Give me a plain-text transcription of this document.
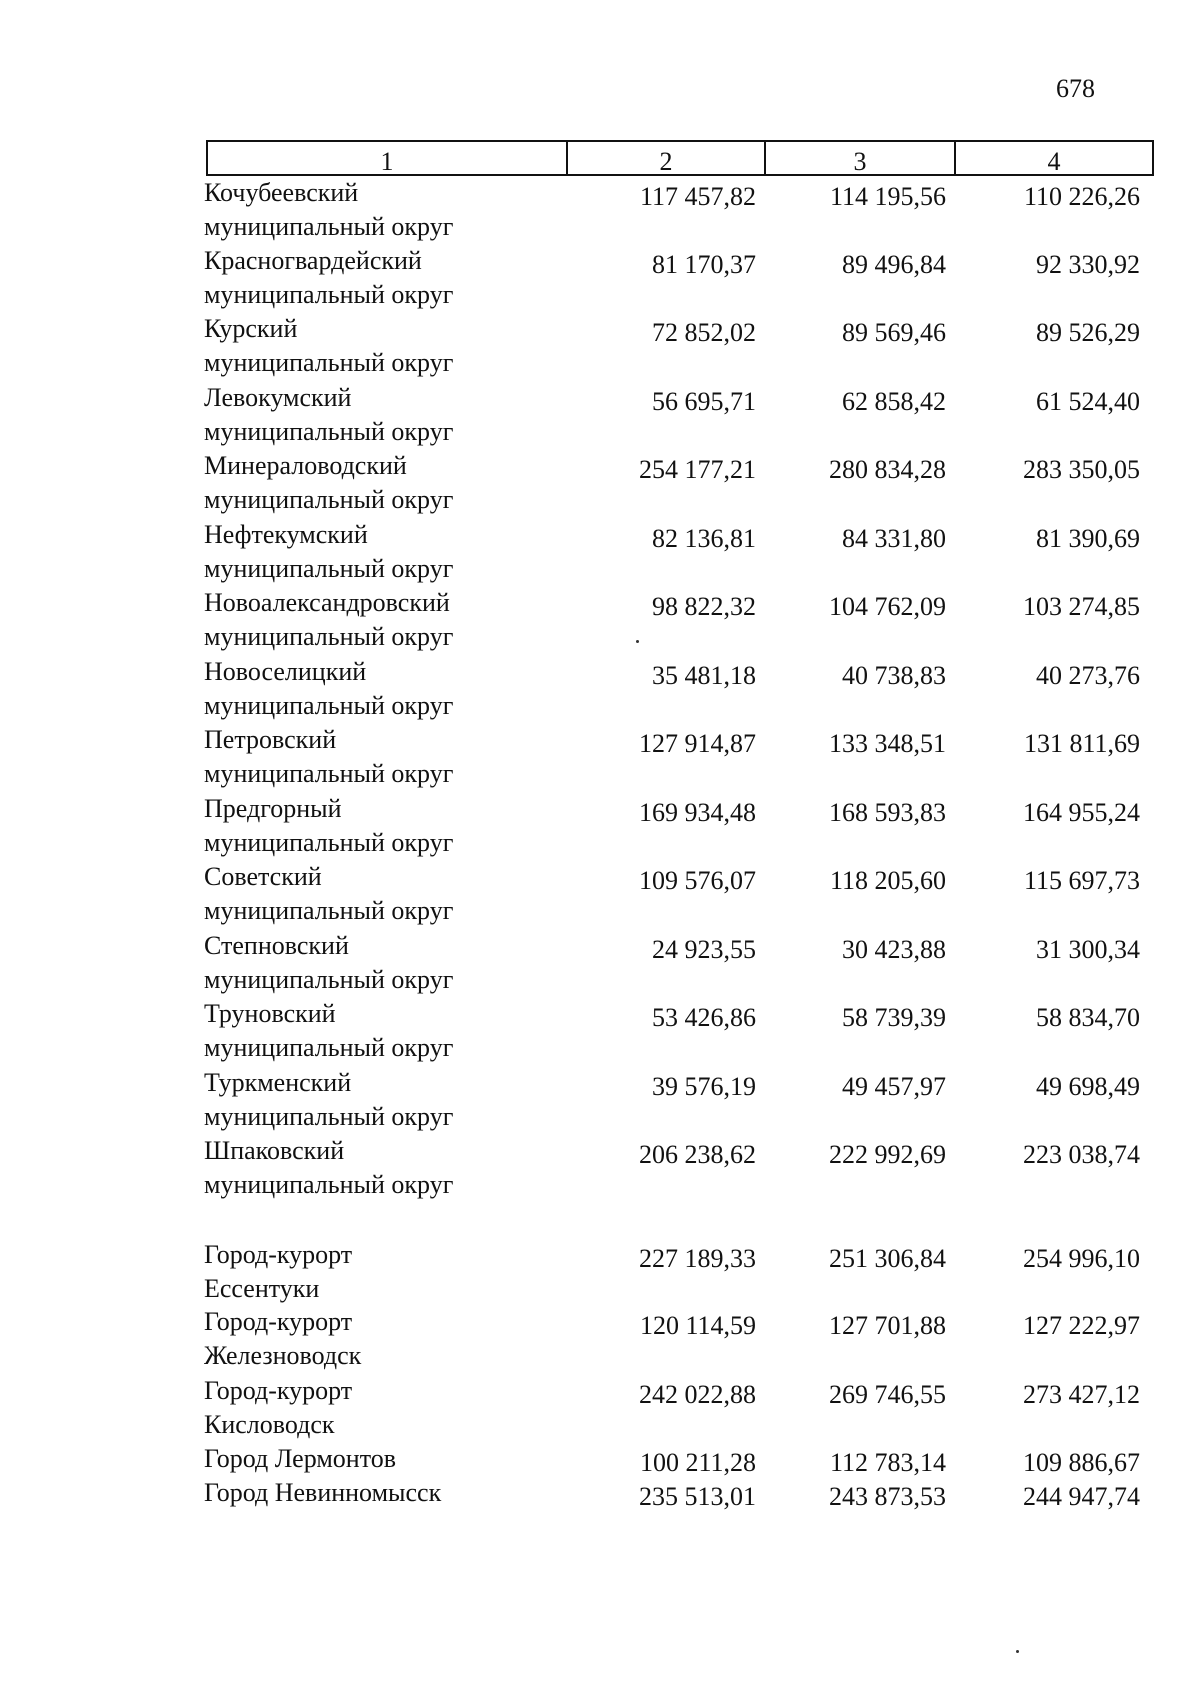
678
1	2	3	4
Кочубеевский
муниципальный округ
117 457,82	114 195,56	110 226,26
Красногвардейский
муниципальный округ
81 170,37	89 496,84	92 330,92
Курский
муниципальный округ
72 852,02	89 569,46	89 526,29
Левокумский
муниципальный округ
56 695,71	62 858,42	61 524,40
Минераловодский
муниципальный округ
254 177,21	280 834,28	283 350,05
Нефтекумский
муниципальный округ
82 136,81	84 331,80	81 390,69
Новоалександровский
муниципальный округ
98 822,32	104 762,09	103 274,85
Новоселицкий
муниципальный округ
35 481,18	40 738,83	40 273,76
Петровский
муниципальный округ
127 914,87	133 348,51	131 811,69
Предгорный
муниципальный округ
169 934,48	168 593,83	164 955,24
Советский
муниципальный округ
109 576,07	118 205,60	115 697,73
Степновский
муниципальный округ
24 923,55	30 423,88	31 300,34
Труновский
муниципальный округ
53 426,86	58 739,39	58 834,70
Туркменский
муниципальный округ
39 576,19	49 457,97	49 698,49
Шпаковский
муниципальный округ
206 238,62	222 992,69	223 038,74
Город-курорт
Ессентуки
227 189,33	251 306,84	254 996,10
Город-курорт
Железноводск
120 114,59	127 701,88	127 222,97
Город-курорт
Кисловодск
242 022,88	269 746,55	273 427,12
Город Лермонтов	100 211,28	112 783,14	109 886,67
Город Невинномысск	235 513,01	243 873,53	244 947,74
